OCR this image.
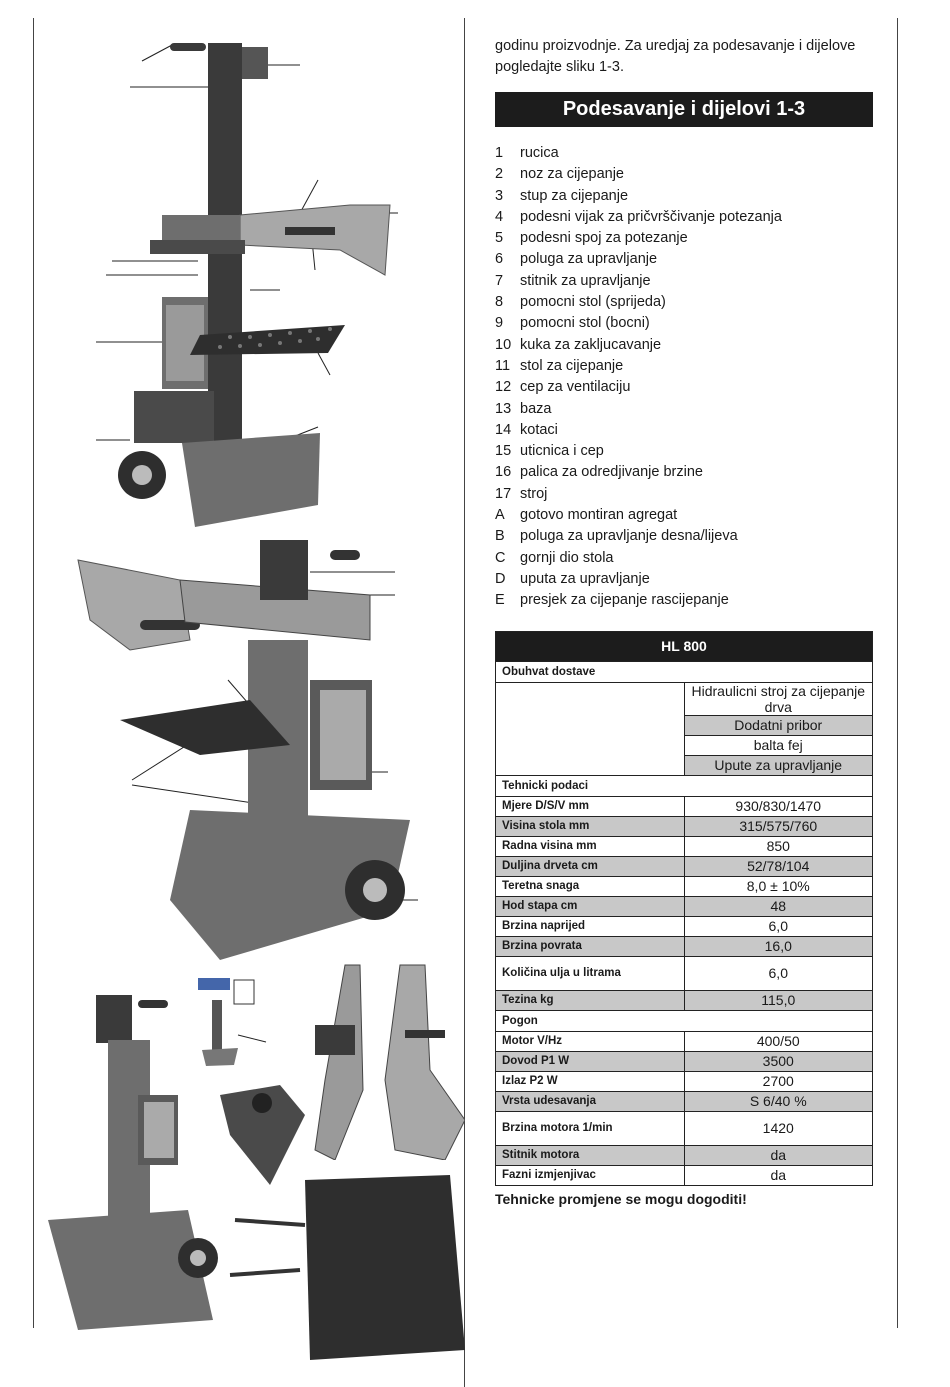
godinu proizvodnje. Za uredjaj za podesavanje i dijelove pogledajte sliku 1-3.

Podesavanje i dijelovi 1-3
1	rucica
2	noz za cijepanje
3	stup za cijepanje
4	podesni vijak za pričvrščivanje potezanja
5	podesni spoj za potezanje
6	poluga za upravljanje
7	stitnik za upravljanje
8	pomocni stol (sprijeda)
9	pomocni stol (bocni)
10 kuka za zakljucavanje
11 stol za cijepanje
12 cep za ventilaciju
13 baza
14 kotaci
15 uticnica i cep
16 palica za odredjivanje brzine
17 stroj
A	gotovo montiran agregat
B	poluga za upravljanje desna/lijeva
C	gornji dio stola
D	uputa za upravljanje
E	presjek za cijepanje rascijepanje
HL 800	
Obuhvat dostave	
	Hidraulicni stroj za cijepanje drva
	Dodatni pribor
	balta fej
	Upute za upravljanje
Tehnicki podaci	
Mjere D/S/V mm	930/830/1470
Visina stola mm	315/575/760
Radna visina mm	850
Duljina drveta cm	52/78/104
Teretna snaga	8,0 ± 10%
Hod stapa cm	48
Brzina naprijed	6,0
Brzina povrata	16,0
Količina ulja u litrama	6,0
Tezina kg	115,0
Pogon	
Motor V/Hz	400/50
Dovod P1 W	3500
Izlaz P2 W	2700
Vrsta udesavanja	S 6/40 %
Brzina motora 1/min	1420
Stitnik motora	da
Fazni izmjenjivac	da

Tehnicke promjene se mogu dogoditi!
